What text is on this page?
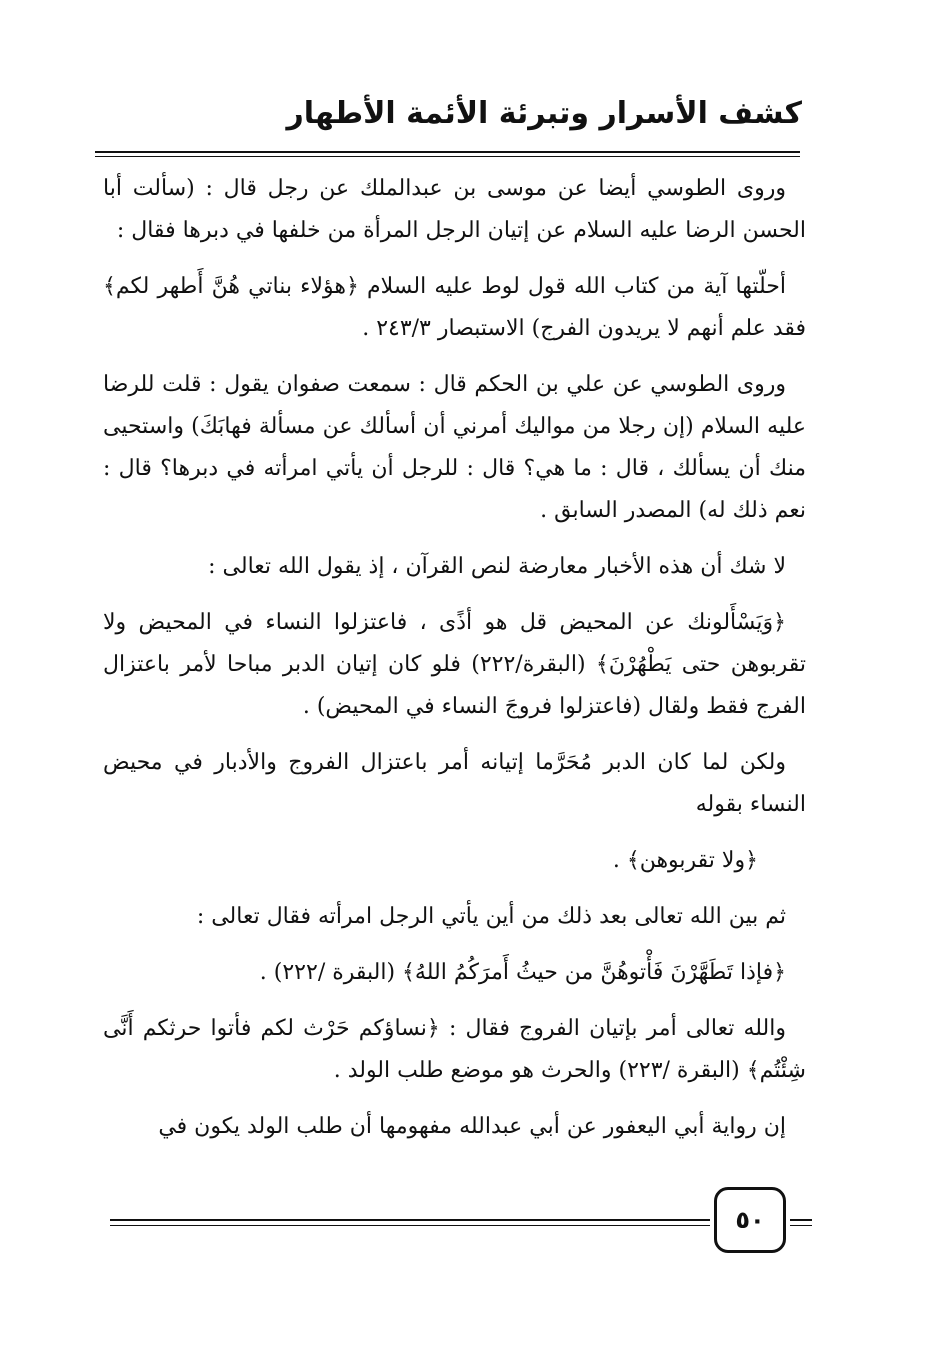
كشف الأسرار وتبرئة الأئمة الأطهار

وروى الطوسي أيضا عن موسى بن عبدالملك عن رجل قال : (سألت أبا الحسن الرضا عليه السلام عن إتيان الرجل المرأة من خلفها في دبرها فقال :

أحلّتها آية من كتاب الله قول لوط عليه السلام ﴿هؤلاء بناتي هُنَّ أَطهر لكم﴾ فقد علم أنهم لا يريدون الفرج) الاستبصار ٢٤٣/٣ .

وروى الطوسي عن علي بن الحكم قال : سمعت صفوان يقول : قلت للرضا عليه السلام (إن رجلا من مواليك أمرني أن أسألك عن مسألة فهابَكَ) واستحيى منك أن يسألك ، قال : ما هي؟ قال : للرجل أن يأتي امرأته في دبرها؟ قال : نعم ذلك له) المصدر السابق .

لا شك أن هذه الأخبار معارضة لنص القرآن ، إذ يقول الله تعالى :

﴿وَيَسْأَلونك عن المحيض قل هو أذًى ، فاعتزلوا النساء في المحيض ولا تقربوهن حتى يَطْهُرْنَ﴾ (البقرة/٢٢٢) فلو كان إتيان الدبر مباحا لأمر باعتزال الفرج فقط ولقال (فاعتزلوا فروجَ النساء في المحيض) .

ولكن لما كان الدبر مُحَرَّما إتيانه أمر باعتزال الفروج والأدبار في محيض النساء بقوله

﴿ولا تقربوهن﴾ .

ثم بين الله تعالى بعد ذلك من أين يأتي الرجل امرأته فقال تعالى :

﴿فإذا تَطَهَّرْنَ فَأْتوهُنَّ من حيثُ أَمرَكُمُ اللهُ﴾ (البقرة /٢٢٢) .

والله تعالى أمر بإتيان الفروج فقال : ﴿نساؤكم حَرْث لكم فأتوا حرثكم أَنَّى شِئْتُم﴾ (البقرة /٢٢٣) والحرث هو موضع طلب الولد .

إن رواية أبي اليعفور عن أبي عبدالله مفهومها أن طلب الولد يكون في

٥٠
